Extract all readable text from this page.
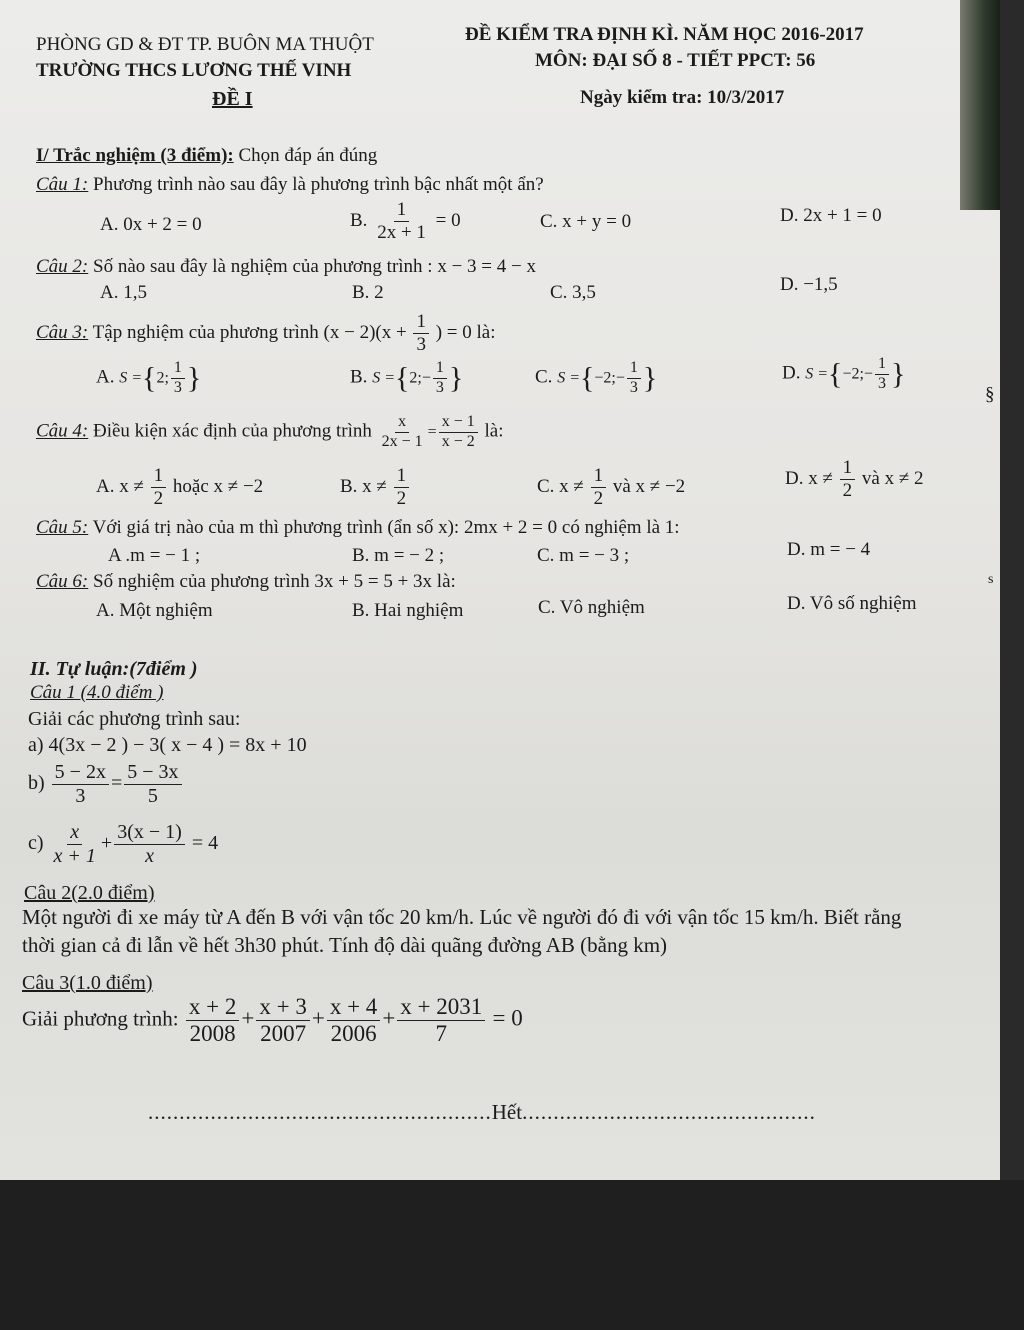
PHÒNG GD & ĐT TP. BUÔN MA THUỘT
TRƯỜNG THCS LƯƠNG THẾ VINH
ĐỀ KIỂM TRA ĐỊNH KÌ. NĂM HỌC 2016-2017
MÔN: ĐẠI SỐ 8 - TIẾT PPCT: 56
ĐỀ I	Ngày kiểm tra: 10/3/2017
I/ Trắc nghiệm (3 điểm): Chọn đáp án đúng
Câu 1: Phương trình nào sau đây là phương trình bậc nhất một ẩn?
A. 0x + 2 = 0	B. $\frac{1}{2x + 1} = 0$	C. x + y = 0	D. 2x + 1 = 0
Câu 2: Số nào sau đây là nghiệm của phương trình : x − 3 = 4 − x
A. 1,5	B. 2	C. 3,5	D. −1,5
Câu 3: Tập nghiệm của phương trình $(x - 2)(x + \frac{1}{3}$ ) = 0 là:
A. S ={2; $\frac{1}{3}$ }	B. S ={2;− $\frac{1}{3}$ }	C. S ={−2;− $\frac{1}{3}$ }	D. S ={−2;− $\frac{1}{3}$ }
§
Câu 4: Điều kiện xác định của phương trình $\frac{x}{2x - 1} = \frac{x - 1}{x - 2}$ là:
A. $x \ne \frac{1}{2}$ hoặc x ≠ −2	B. $x \ne \frac{1}{2}$	C. $x \ne \frac{1}{2}$ và x ≠ −2	D. $x \ne \frac{1}{2}$ và x ≠ 2
Câu 5: Với giá trị nào của m thì phương trình (ẩn số x): 2mx + 2 = 0 có nghiệm là 1:
A .m = − 1 ;	B. m = − 2 ;	C. m = − 3 ;	D. m = − 4
Câu 6: Số nghiệm của phương trình 3x + 5 = 5 + 3x là:	s
A. Một nghiệm	B. Hai nghiệm	C. Vô nghiệm	D. Vô số nghiệm
II. Tự luận:(7điểm )
Câu 1 (4.0 điểm )
Giải các phương trình sau:
a) 4(3x − 2 ) − 3( x − 4 ) = 8x + 10
$b) \frac{5 - 2x}{3} = \frac{5 - 3x}{5}$
$c) \frac{x}{x + 1} + \frac{3(x - 1)}{x} = 4$
Câu 2(2.0 điểm)
Một người đi xe máy từ A đến B với vận tốc 20 km/h. Lúc về người đó đi với vận tốc 15 km/h. Biết rằng
thời gian cả đi lẫn về hết 3h30 phút. Tính độ dài quãng đường AB (bằng km)
Câu 3(1.0 điểm)
Giải phương trình: $\frac{x + 2}{2008} + \frac{x + 3}{2007} + \frac{x + 4}{2006} + \frac{x + 2031}{7} = 0$
.......................................................Hết...............................................
